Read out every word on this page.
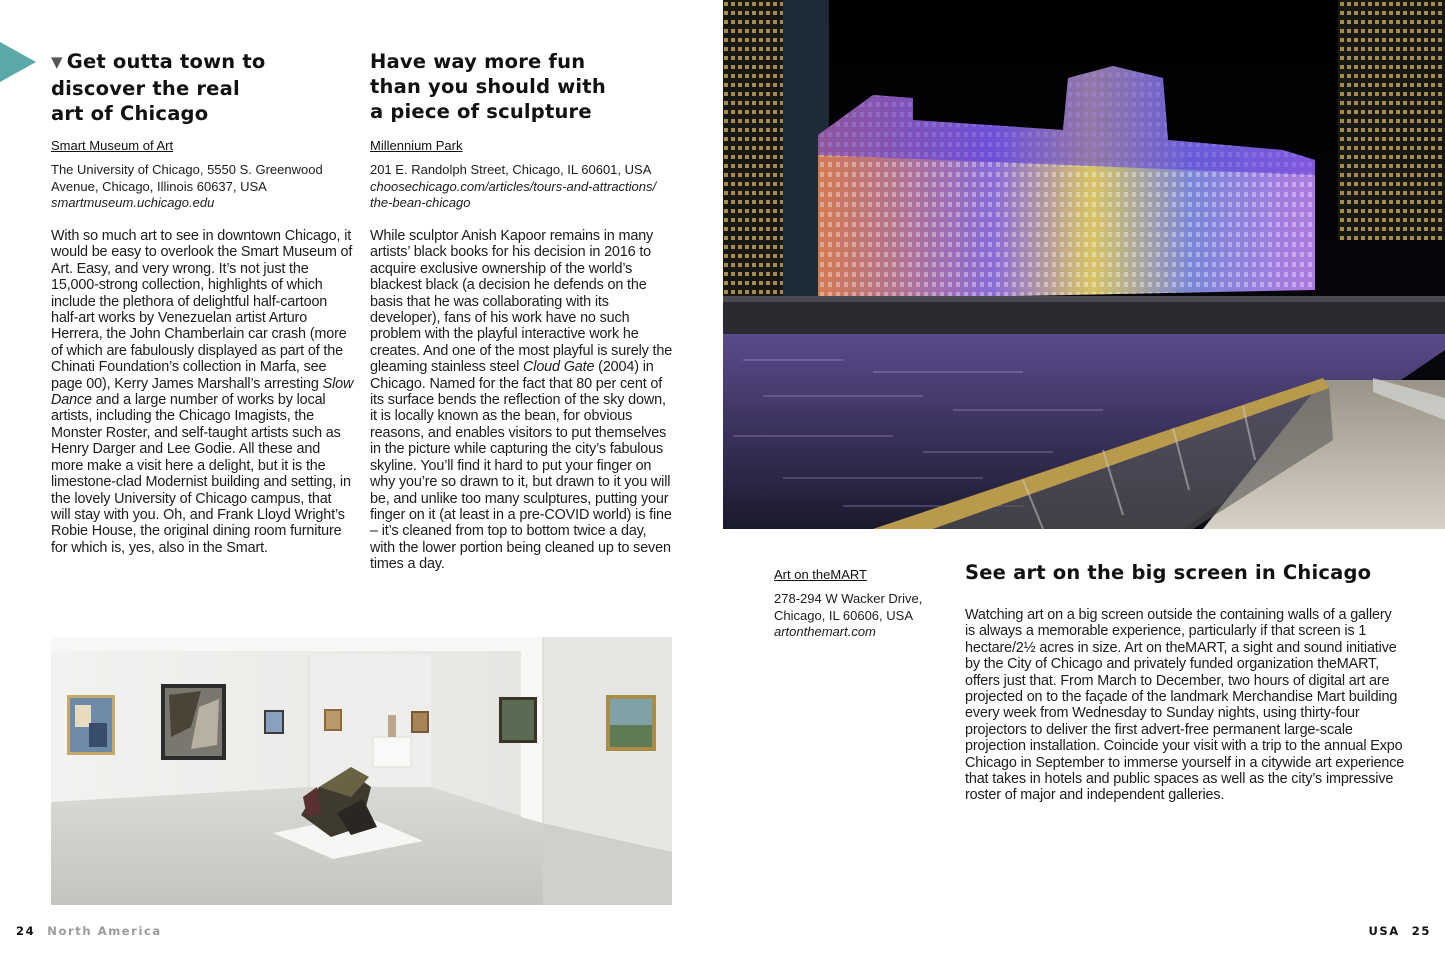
▼ Get outta town to
discover the real
art of Chicago
Smart Museum of Art
The University of Chicago, 5550 S. Greenwood
Avenue, Chicago, Illinois 60637, USA
smartmuseum.uchicago.edu

With so much art to see in downtown Chicago, it would be easy to overlook the Smart Museum of Art. Easy, and very wrong. It’s not just the 15,000-strong collection, highlights of which include the plethora of delightful half-cartoon half-art works by Venezuelan artist Arturo Herrera, the John Chamberlain car crash (more of which are fabulously displayed as part of the Chinati Foundation’s collection in Marfa, see page 00), Kerry James Marshall’s arresting Slow Dance and a large number of works by local artists, including the Chicago Imagists, the Monster Roster, and self-taught artists such as Henry Darger and Lee Godie. All these and more make a visit here a delight, but it is the limestone-clad Modernist building and setting, in the lovely University of Chicago campus, that will stay with you. Oh, and Frank Lloyd Wright’s Robie House, the original dining room furniture for which is, yes, also in the Smart.

Have way more fun
than you should with
a piece of sculpture
Millennium Park
201 E. Randolph Street, Chicago, IL 60601, USA
choosechicago.com/articles/tours-and-attractions/
the-bean-chicago

While sculptor Anish Kapoor remains in many artists’ black books for his decision in 2016 to acquire exclusive ownership of the world’s blackest black (a decision he defends on the basis that he was collaborating with its developer), fans of his work have no such problem with the playful interactive work he creates. And one of the most playful is surely the gleaming stainless steel Cloud Gate (2004) in Chicago. Named for the fact that 80 per cent of its surface bends the reflection of the sky down, it is locally known as the bean, for obvious reasons, and enables visitors to put themselves in the picture while capturing the city’s fabulous skyline. You’ll find it hard to put your finger on why you’re so drawn to it, but drawn to it you will be, and unlike too many sculptures, putting your finger on it (at least in a pre-COVID world) is fine – it’s cleaned from top to bottom twice a day, with the lower portion being cleaned up to seven times a day.

Art on theMART
278-294 W Wacker Drive,
Chicago, IL 60606, USA
artonthemart.com
See art on the big screen in Chicago

Watching art on a big screen outside the containing walls of a gallery is always a memorable experience, particularly if that screen is 1 hectare/2½ acres in size. Art on theMART, a sight and sound initiative by the City of Chicago and privately funded organization theMART, offers just that. From March to December, two hours of digital art are projected on to the façade of the landmark Merchandise Mart building every week from Wednesday to Sunday nights, using thirty-four projectors to deliver the first advert-free permanent large-scale projection installation. Coincide your visit with a trip to the annual Expo Chicago in September to immerse yourself in a citywide art experience that takes in hotels and public spaces as well as the city’s impressive roster of major and independent galleries.

24 North America	USA 25
